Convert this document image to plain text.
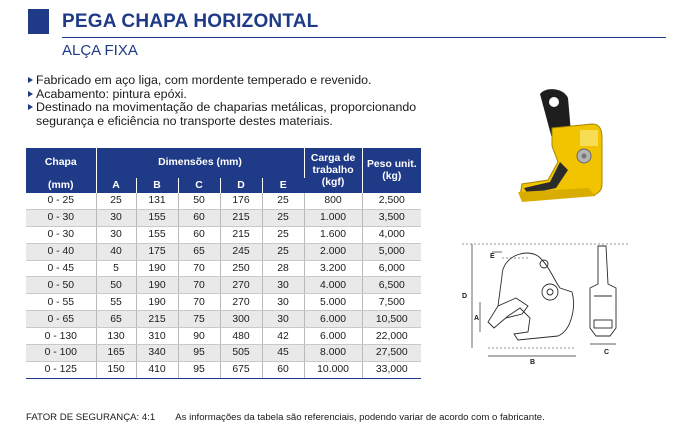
PEGA CHAPA HORIZONTAL
ALÇA FIXA
Fabricado em aço liga, com mordente temperado e revenido.
Acabamento: pintura epóxi.
Destinado na movimentação de chaparias metálicas, proporcionando
segurança e eficiência no transporte destes materiais.
Chapa	Dimensões (mm)					Carga de trabalho (kgf)	Peso unit. (kg)
(mm)	A	B	C	D	E		
0 - 25	25	131	50	176	25	800	2,500
0 - 30	30	155	60	215	25	1.000	3,500
0 - 30	30	155	60	215	25	1.600	4,000
0 - 40	40	175	65	245	25	2.000	5,000
0 - 45	5	190	70	250	28	3.200	6,000
0 - 50	50	190	70	270	30	4.000	6,500
0 - 55	55	190	70	270	30	5.000	7,500
0 - 65	65	215	75	300	30	6.000	10,500
0 - 130	130	310	90	480	42	6.000	22,000
0 - 100	165	340	95	505	45	8.000	27,500
0 - 125	150	410	95	675	60	10.000	33,000
FATOR DE SEGURANÇA: 4:1 As informações da tabela são referenciais, podendo variar de acordo com o fabricante.
E
D
A
B
C
